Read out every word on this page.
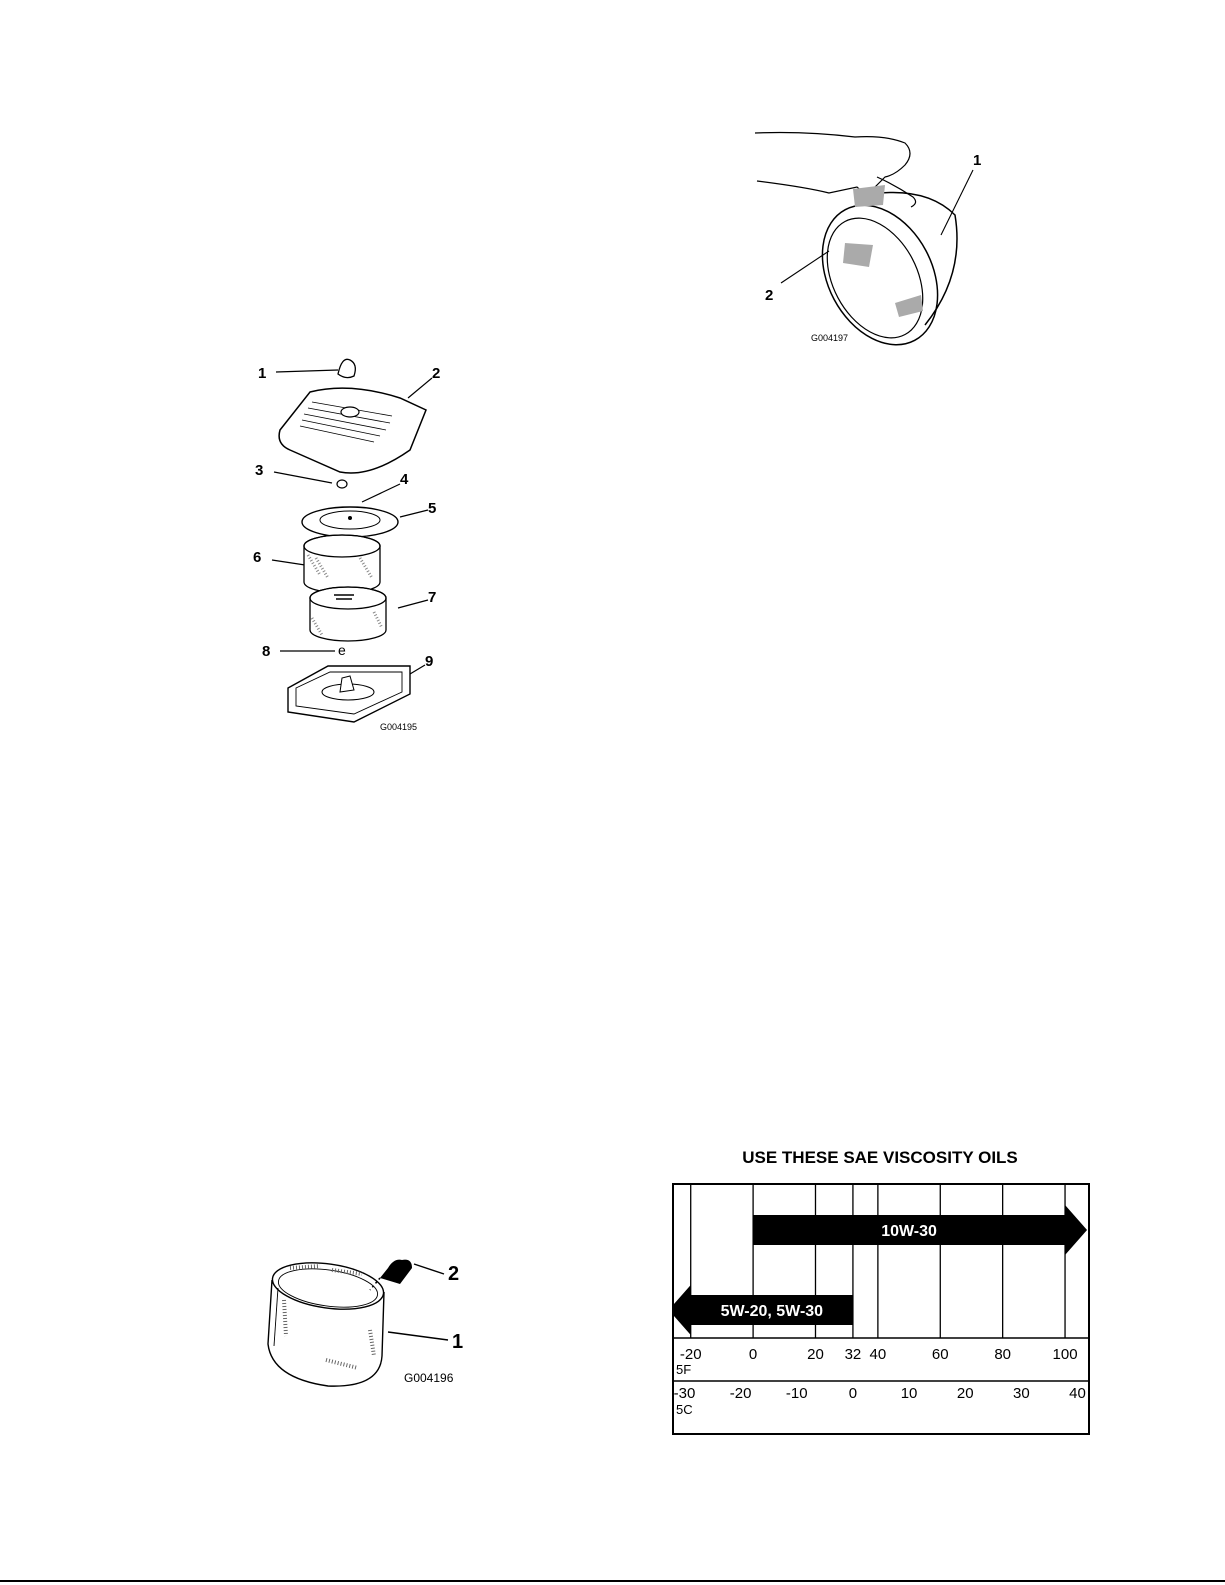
1	2
3
4
5
6
7
8	e
9
G004195
1
2
G004197
2
1
G004196
USE THESE SAE VISCOSITY OILS
10W-30
5W-20, 5W-30
-20	0	20 32 40	60	80	100
5F
-30 -20 -10	0	10	20	30	40
5C
